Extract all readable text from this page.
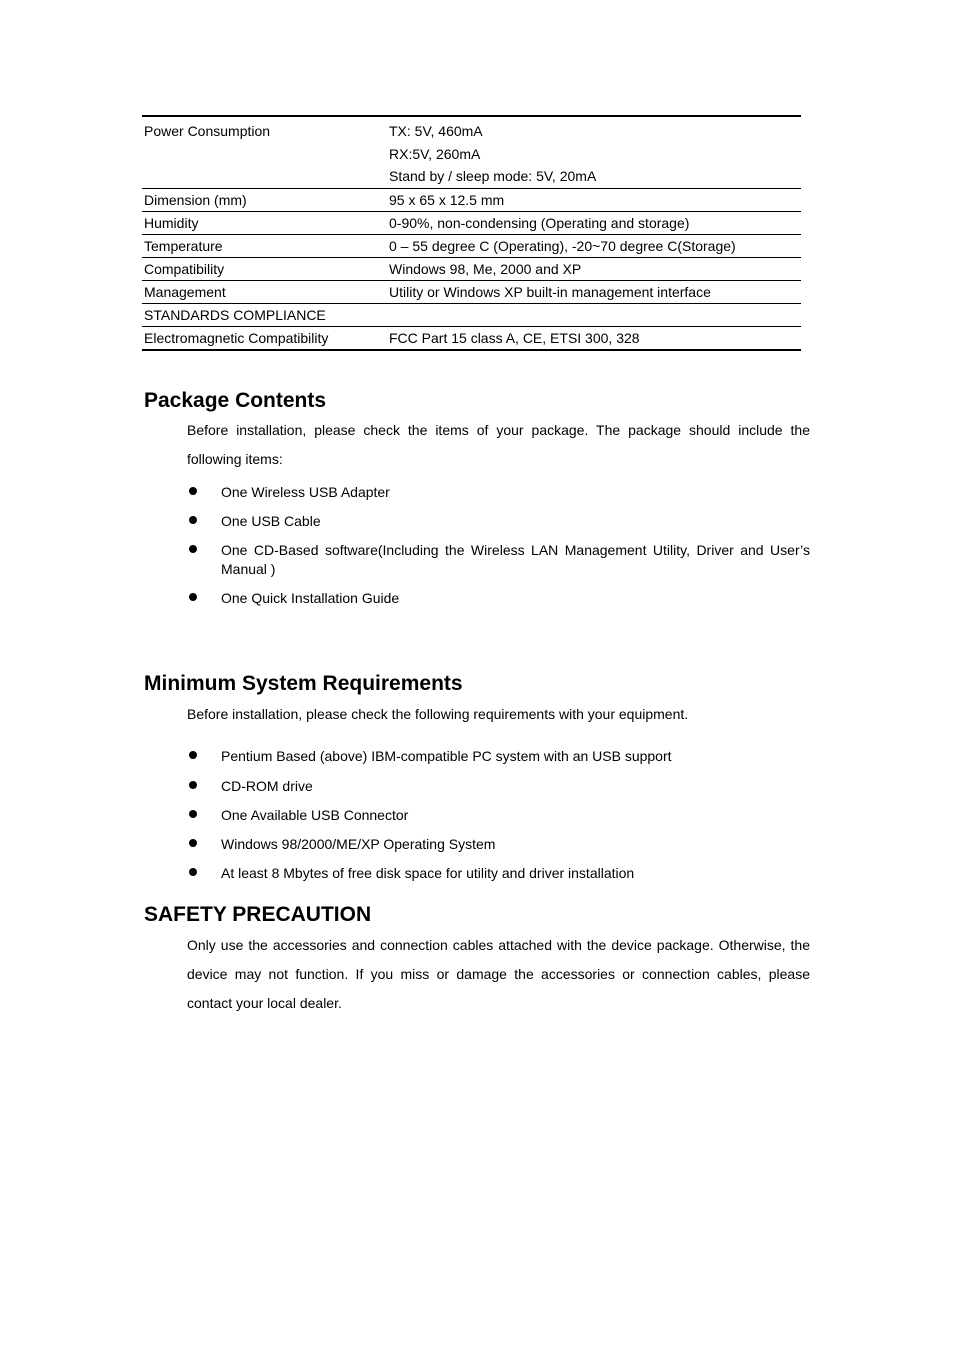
Power Consumption	TX: 5V, 460mA
RX:5V, 260mA
Stand by / sleep mode: 5V, 20mA

Dimension (mm)	95 x 65 x 12.5 mm
Humidity	0-90%, non-condensing (Operating and storage)
Temperature	0 – 55 degree C (Operating), -20~70 degree C(Storage)
Compatibility	Windows 98, Me, 2000 and XP
Management	Utility or Windows XP built-in management interface
STANDARDS COMPLIANCE	
Electromagnetic Compatibility	FCC Part 15 class A, CE, ETSI 300, 328
Package Contents

Before installation, please check the items of your package. The package should include the following items:

One Wireless USB Adapter
One USB Cable
One CD-Based software(Including the Wireless LAN Management Utility, Driver and User’s Manual )
One Quick Installation Guide
Minimum System Requirements

Before installation, please check the following requirements with your equipment.

Pentium Based (above) IBM-compatible PC system with an USB support
CD-ROM drive
One Available USB Connector
Windows 98/2000/ME/XP Operating System
At least 8 Mbytes of free disk space for utility and driver installation
SAFETY PRECAUTION

Only use the accessories and connection cables attached with the device package. Otherwise, the device may not function. If you miss or damage the accessories or connection cables, please contact your local dealer.
